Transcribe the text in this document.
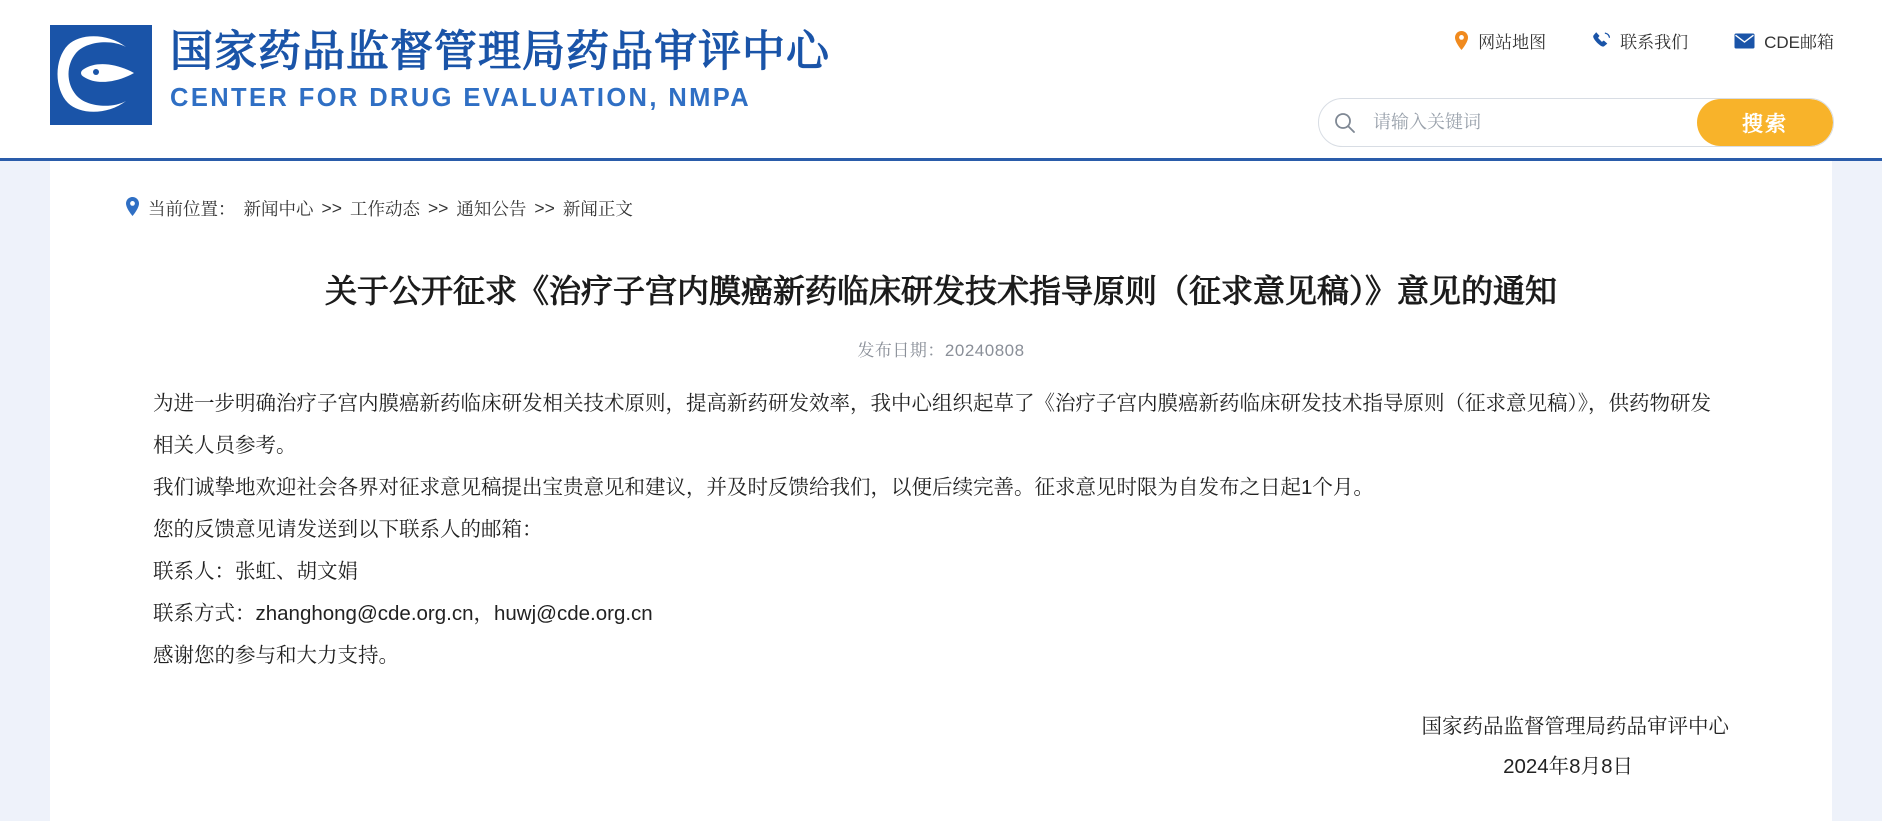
国家药品监督管理局药品审评中心
CENTER FOR DRUG EVALUATION, NMPA
网站地图	联系我们	CDE邮箱
请输入关键词
搜索
当前位置： 新闻中心 >> 工作动态 >> 通知公告 >> 新闻正文
关于公开征求《治疗子宫内膜癌新药临床研发技术指导原则（征求意见稿）》意见的通知
发布日期：20240808

为进一步明确治疗子宫内膜癌新药临床研发相关技术原则，提高新药研发效率，我中心组织起草了《治疗子宫内膜癌新药临床研发技术指导原则（征求意见稿）》，供药物研发相关人员参考。

我们诚挚地欢迎社会各界对征求意见稿提出宝贵意见和建议，并及时反馈给我们，以便后续完善。征求意见时限为自发布之日起1个月。

您的反馈意见请发送到以下联系人的邮箱：

联系人：张虹、胡文娟

联系方式：zhanghong@cde.org.cn，huwj@cde.org.cn

感谢您的参与和大力支持。

国家药品监督管理局药品审评中心
2024年8月8日
